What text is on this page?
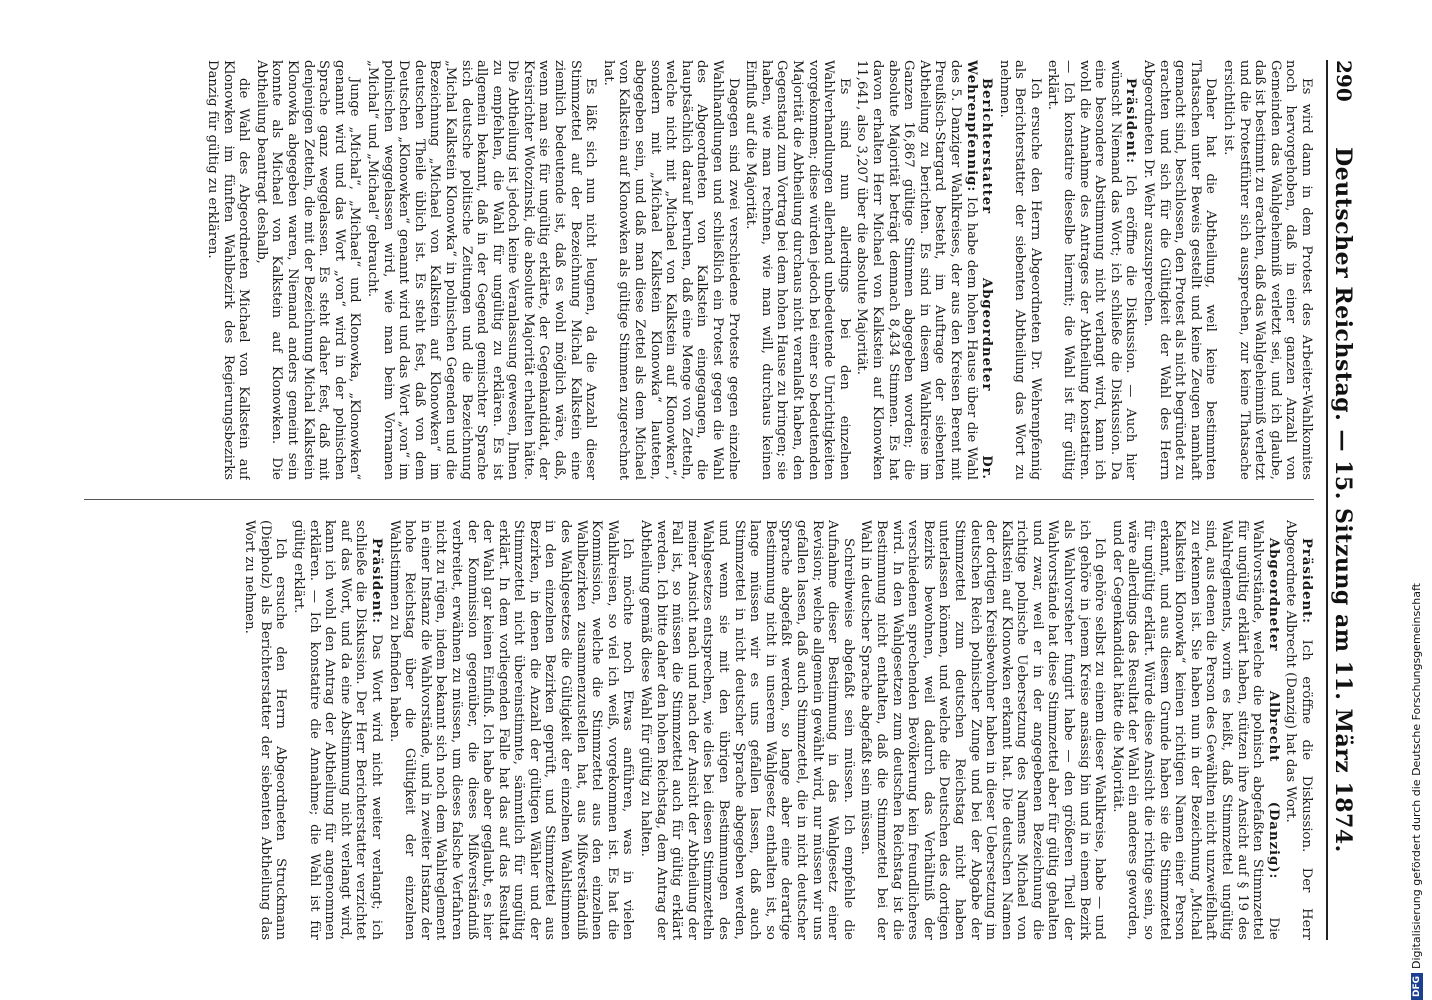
290
Deutscher Reichstag. — 15. Sitzung am 11. März 1874.

Es wird dann in dem Protest des Arbeiter-Wahlkomites noch hervorgehoben, daß in einer ganzen Anzahl von Gemeinden das Wahlgeheimniß verletzt sei, und ich glaube, daß ist bestimmt zu erachten, daß das Wahlgeheimniß verletzt und die Protestführer sich aussprechen, zur keine Thatsache ersichtlich ist.

Daher hat die Abtheilung, weil keine bestimmten Thatsachen unter Beweis gestellt und keine Zeugen namhaft gemacht sind, beschlossen, den Protest als nicht begründet zu erachten und sich für die Gültigkeit der Wahl des Herrn Abgeordneten Dr. Wehr auszusprechen.

Präsident: Ich eröffne die Diskussion. — Auch hier wünscht Niemand das Wort; ich schließe die Diskussion. Da eine besondere Abstimmung nicht verlangt wird, kann ich wohl die Annahme des Antrages der Abtheilung konstatiren. — Ich konstatire dieselbe hiermit; die Wahl ist für gültig erklärt.

Ich ersuche den Herrn Abgeordneten Dr. Wehrenpfennig als Berichterstatter der siebenten Abtheilung das Wort zu nehmen.

Berichterstatter Abgeordneter Dr. Wehrenpfennig: Ich habe dem hohen Hause über die Wahl des 5. Danziger Wahlkreises, der aus den Kreisen Berent mit Preußisch-Stargard besteht, im Auftrage der siebenten Abtheilung zu berichten. Es sind in diesem Wahlkreise im Ganzen 16,867 gültige Stimmen abgegeben worden; die absolute Majorität beträgt demnach 8,434 Stimmen. Es hat davon erhalten Herr Michael von Kalkstein auf Klonowken 11,641, also 3,207 über die absolute Majorität.

Es sind nun allerdings bei den einzelnen Wahlverhandlungen allerhand unbedeutende Unrichtigkeiten vorgekommen; diese würden jedoch bei einer so bedeutenden Majorität die Abtheilung durchaus nicht veranlaßt haben, den Gegenstand zum Vortrag bei dem hohen Hause zu bringen; sie haben, wie man rechnen, wie man will, durchaus keinen Einfluß auf die Majorität.

Dagegen sind zwei verschiedene Proteste gegen einzelne Wahlhandlungen und schließlich ein Protest gegen die Wahl des Abgeordneten von Kalkstein eingegangen, die hauptsächlich darauf beruhen, daß eine Menge von Zetteln, welche nicht mit „Michael von Kalkstein auf Klonowken“, sondern mit „Michael Kalkstein Klonowka“ lauteten, abgegeben sein, und daß man diese Zettel als dem Michael von Kalkstein auf Klonowken als gültige Stimmen zugerechnet hat.

Es läßt sich nun nicht leugnen, da die Anzahl dieser Stimmzettel auf der Bezeichnung Michal Kalkstein eine ziemlich bedeutende ist, daß es wohl möglich wäre, daß, wenn man sie für ungültig erklärte, der Gegenkandidat, der Kreisrichter Wotozinski, die absolute Majorität erhalten hätte. Die Abtheilung ist jedoch keine Veranlassung gewesen, Ihnen zu empfehlen, die Wahl für ungültig zu erklären. Es ist allgemein bekannt, daß in der Gegend gemischter Sprache sich deutsche politische Zeitungen und die Bezeichnung „Michal Kalkstein Klonowka“ in polnischen Gegenden und die Bezeichnung „Michael von Kalkstein auf Klonowken“ im deutschen Theile üblich ist. Es steht fest, daß von dem Deutschen „Klonowken“ genannt wird und das Wort „von“ im polnischen weggelassen wird, wie man beim Vornamen „Michal“ und „Michael“ gebraucht.

Junge „Michal“, „Michael“ und Klonowka, „Klonowken“ genannt wird und das Wort „von“ wird in der polnischen Sprache ganz weggelassen. Es steht daher fest, daß mit denjenigen Zetteln, die mit der Bezeichnung Michal Kalkstein Klonowka abgegeben waren, Niemand anders gemeint sein konnte als Michael von Kalkstein auf Klonowken. Die Abtheilung beantragt deshalb,

die Wahl des Abgeordneten Michael von Kalkstein auf Klonowken im fünften Wahlbezirk des Regierungsbezirks Danzig für gültig zu erklären.

Präsident: Ich eröffne die Diskussion. Der Herr Abgeordnete Albrecht (Danzig) hat das Wort.

Abgeordneter Albrecht (Danzig): Die Wahlvorstände, welche die polnisch abgefaßten Stimmzettel für ungültig erklärt haben, stützen ihre Ansicht auf § 19 des Wahlreglements, worin es heißt, daß Stimmzettel ungültig sind, aus denen die Person des Gewählten nicht unzweifelhaft zu erkennen ist. Sie haben nun in der Bezeichnung „Michal Kalkstein Klonowka“ keinen richtigen Namen einer Person erkannt, und aus diesem Grunde haben sie die Stimmzettel für ungültig erklärt. Würde diese Ansicht die richtige sein, so wäre allerdings das Resultat der Wahl ein anderes geworden, und der Gegenkandidat hätte die Majorität.

Ich gehöre selbst zu einem dieser Wahlkreise, habe — und ich gehöre in jenem Kreise ansässig bin und in einem Bezirk als Wahlvorsteher fungirt habe — den größeren Theil der Wahlvorstände hat diese Stimmzettel aber für gültig gehalten und zwar, weil er in der angegebenen Bezeichnung die richtige polnische Uebersetzung des Namens Michael von Kalkstein auf Klonowken erkannt hat. Die deutschen Namen der dortigen Kreisbewohner haben in dieser Uebersetzung im deutschen Reich polnischer Zunge und bei der Abgabe der Stimmzettel zum deutschen Reichstag nicht haben unterlassen können, und welche die Deutschen des dortigen Bezirks bewohnen, weil dadurch das Verhältniß der verschiedenen sprechenden Bevölkerung kein freundlicheres wird. In den Wahlgesetzen zum deutschen Reichstag ist die Bestimmung nicht enthalten, daß die Stimmzettel bei der Wahl in deutscher Sprache abgefaßt sein müssen.

Schreibweise abgefaßt sein müssen. Ich empfehle die Aufnahme dieser Bestimmung in das Wahlgesetz einer Revision; welche allgemein gewählt wird, nur müssen wir uns gefallen lassen, daß auch Stimmzettel, die in nicht deutscher Sprache abgefaßt werden, so lange aber eine derartige Bestimmung nicht in unserem Wahlgesetz enthalten ist, so lange müssen wir es uns gefallen lassen, daß auch Stimmzettel in nicht deutscher Sprache abgegeben werden, und wenn sie mit den übrigen Bestimmungen des Wahlgesetzes entsprechen, wie dies bei diesen Stimmzetteln meiner Ansicht nach und nach der Ansicht der Abtheilung der Fall ist, so müssen die Stimmzettel auch für gültig erklärt werden. Ich bitte daher den hohen Reichstag, dem Antrag der Abtheilung gemäß diese Wahl für gültig zu halten.

Ich möchte noch Etwas anführen, was in vielen Wahlkreisen, so viel ich weiß, vorgekommen ist. Es hat die Kommission, welche die Stimmzettel aus den einzelnen Wahlbezirken zusammenzustellen hat, aus Mißverständniß des Wahlgesetzes die Gültigkeit der einzelnen Wahlstimmen in den einzelnen Bezirken geprüft, und Stimmzettel aus Bezirken, in denen die Anzahl der gültigen Wähler und der Stimmzettel nicht übereinstimmte, sämmtlich für ungültig erklärt. In dem vorliegenden Falle hat das auf das Resultat der Wahl gar keinen Einfluß. Ich habe aber geglaubt, es hier der Kommission gegenüber, die dieses Mißverständniß verbreitet, erwähnen zu müssen, um dieses falsche Verfahren nicht zu rügen, indem bekannt sich noch dem Wahlreglement in einer Instanz die Wahlvorstände, und in zweiter Instanz der hohe Reichstag über die Gültigkeit der einzelnen Wahlstimmen zu befinden haben.

Präsident: Das Wort wird nicht weiter verlangt; ich schließe die Diskussion. Der Herr Berichterstatter verzichtet auf das Wort, und da eine Abstimmung nicht verlangt wird, kann ich wohl den Antrag der Abtheilung für angenommen erklären. — Ich konstatire die Annahme; die Wahl ist für gültig erklärt.

Ich ersuche den Herrn Abgeordneten Struckmann (Diepholz) als Berichterstatter der siebenten Abtheilung das Wort zu nehmen.

DFGDigitalisierung gefördert durch die Deutsche Forschungsgemeinschaft
